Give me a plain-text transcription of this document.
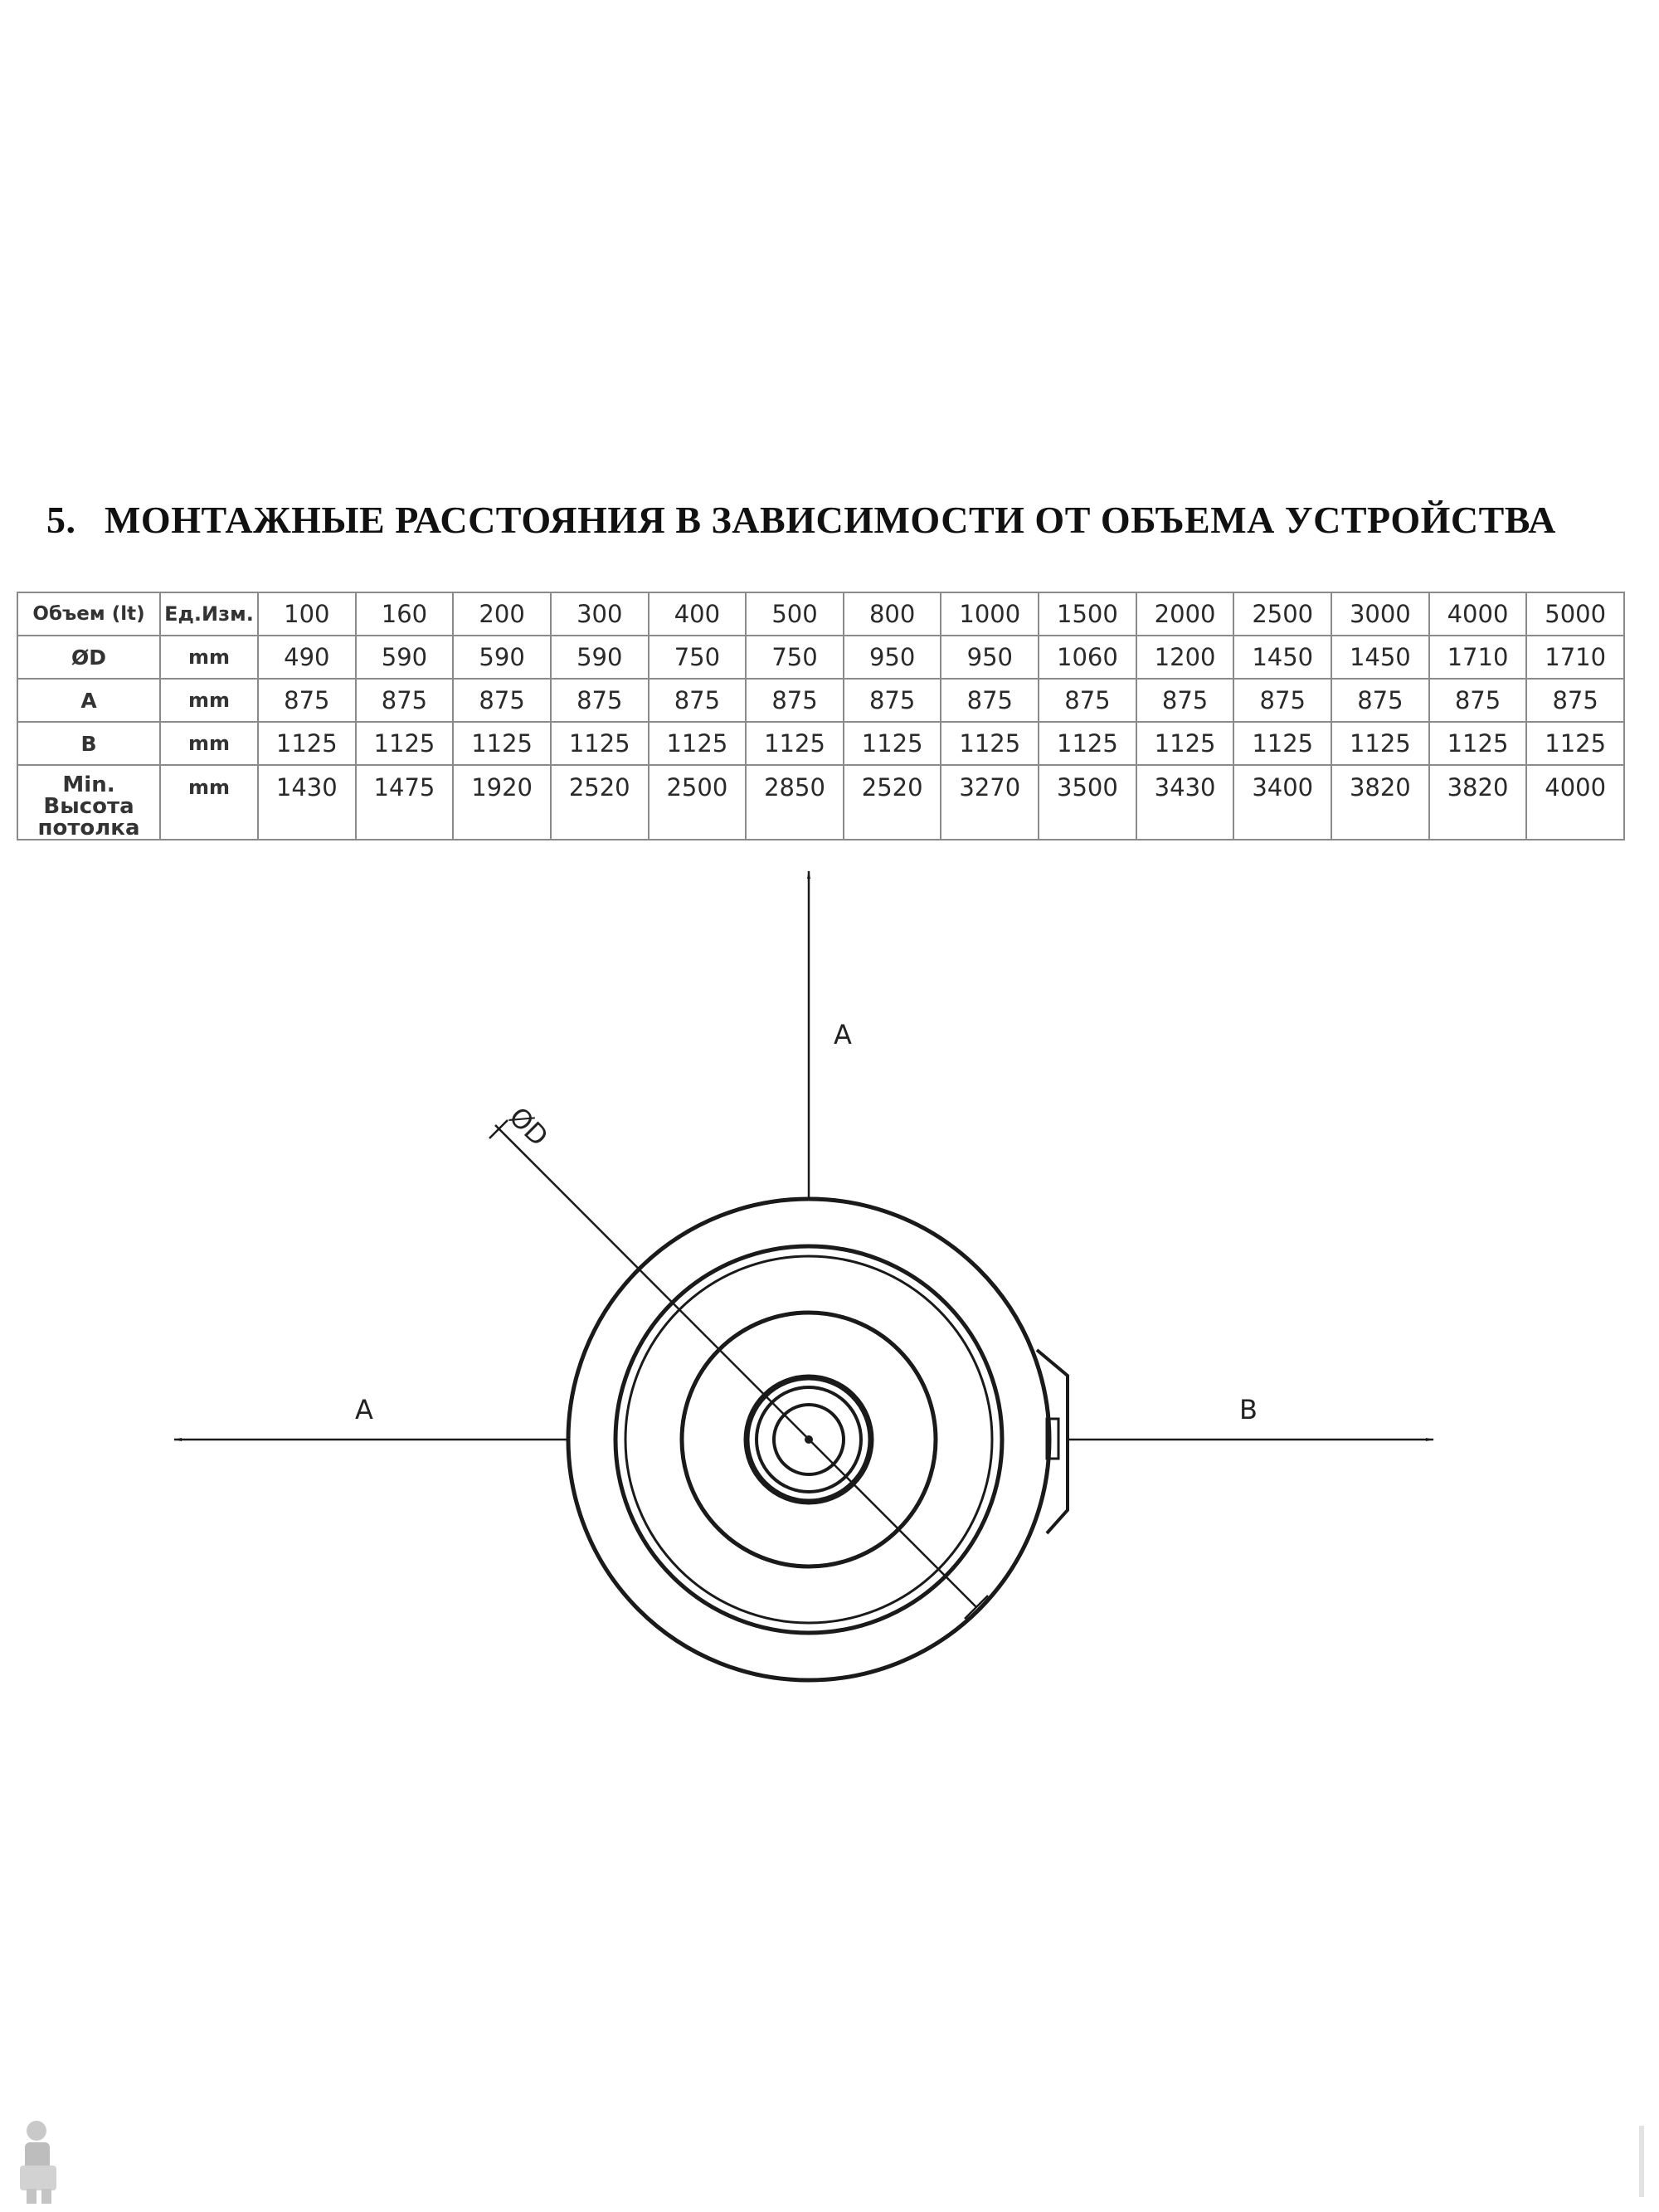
5. МОНТАЖНЫЕ РАССТОЯНИЯ В ЗАВИСИМОСТИ ОТ ОБЪЕМА УСТРОЙСТВА
Объем (lt)	Ед.Изм.	100	160	200	300	400	500	800	1000	1500	2000	2500	3000	4000	5000
ØD	mm	490	590	590	590	750	750	950	950	1060	1200	1450	1450	1710	1710
A	mm	875	875	875	875	875	875	875	875	875	875	875	875	875	875
B	mm	1125	1125	1125	1125	1125	1125	1125	1125	1125	1125	1125	1125	1125	1125
Min. Высота потолка	mm	1430	1475	1920	2520	2500	2850	2520	3270	3500	3430	3400	3820	3820	4000
A
A	B
ØD
